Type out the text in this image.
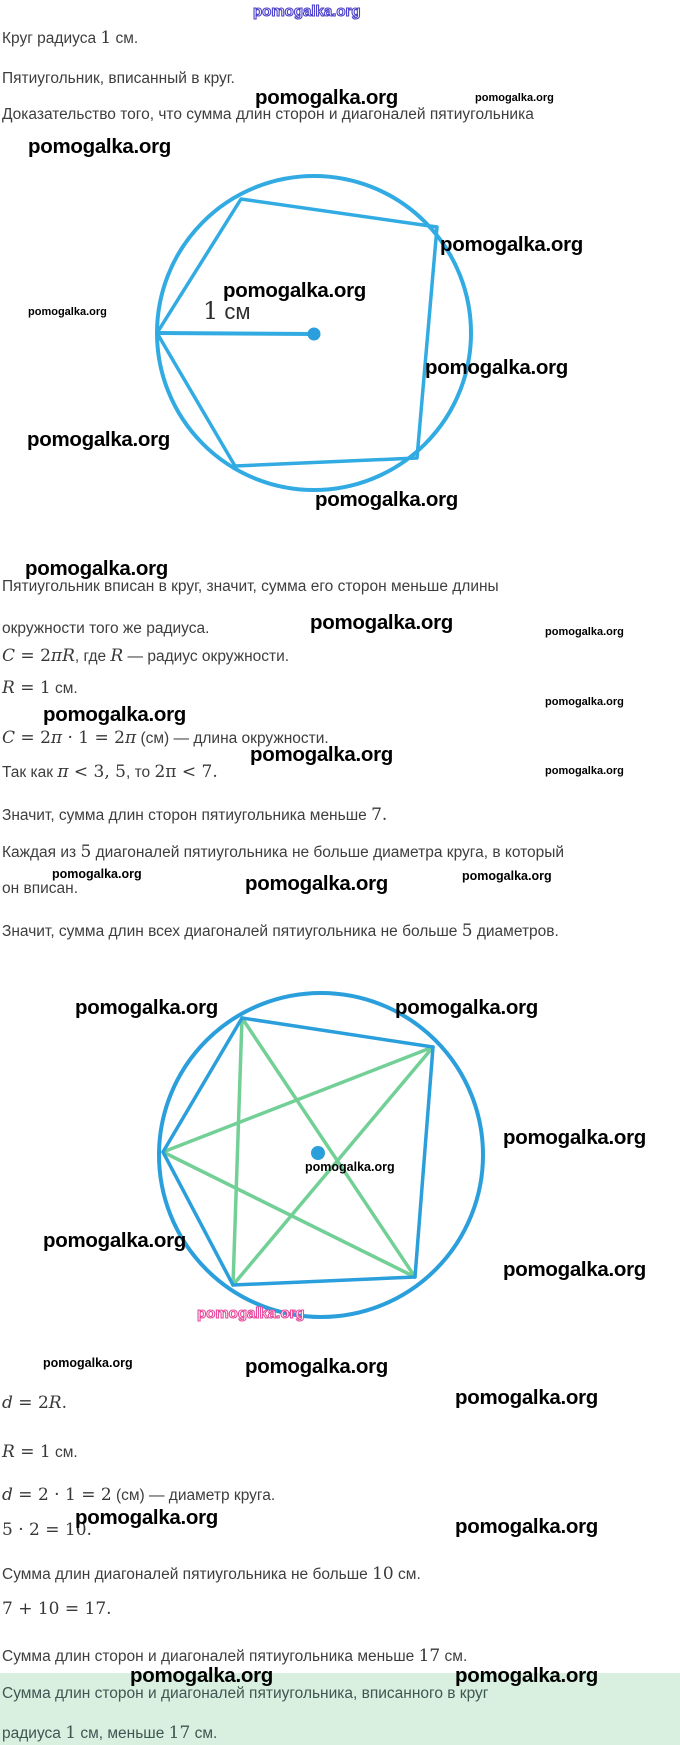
1 см
Круг радиуса 1 см.
Пятиугольник, вписанный в круг.
Доказательство того, что сумма длин сторон и диагоналей пятиугольника
Пятиугольник вписан в круг, значит, сумма его сторон меньше длины
окружности того же радиуса.
C = 2πR, где R — радиус окружности.
R = 1 см.
C = 2π · 1 = 2π (см) — длина окружности.
Так как π < 3, 5, то 2π < 7.
Значит, сумма длин сторон пятиугольника меньше 7.
Каждая из 5 диагоналей пятиугольника не больше диаметра круга, в который
он вписан.
Значит, сумма длин всех диагоналей пятиугольника не больше 5 диаметров.
d = 2R.
R = 1 см.
d = 2 · 1 = 2 (см) — диаметр круга.
5 · 2 = 10.
Сумма длин диагоналей пятиугольника не больше 10 см.
7 + 10 = 17.
Сумма длин сторон и диагоналей пятиугольника меньше 17 см.
Сумма длин сторон и диагоналей пятиугольника, вписанного в круг
радиуса 1 см, меньше 17 см.
pomogalka.org
pomogalka.org
pomogalka.org	pomogalka.org
pomogalka.org
pomogalka.org
pomogalka.org
pomogalka.org
pomogalka.org
pomogalka.org
pomogalka.org
pomogalka.org
pomogalka.org	pomogalka.org
pomogalka.org
pomogalka.org
pomogalka.org
pomogalka.org
pomogalka.org	pomogalka.org	pomogalka.org
pomogalka.org	pomogalka.org
pomogalka.org
pomogalka.org
pomogalka.org
pomogalka.org
pomogalka.org	pomogalka.org
pomogalka.org
pomogalka.org	pomogalka.org
pomogalka.org	pomogalka.org
